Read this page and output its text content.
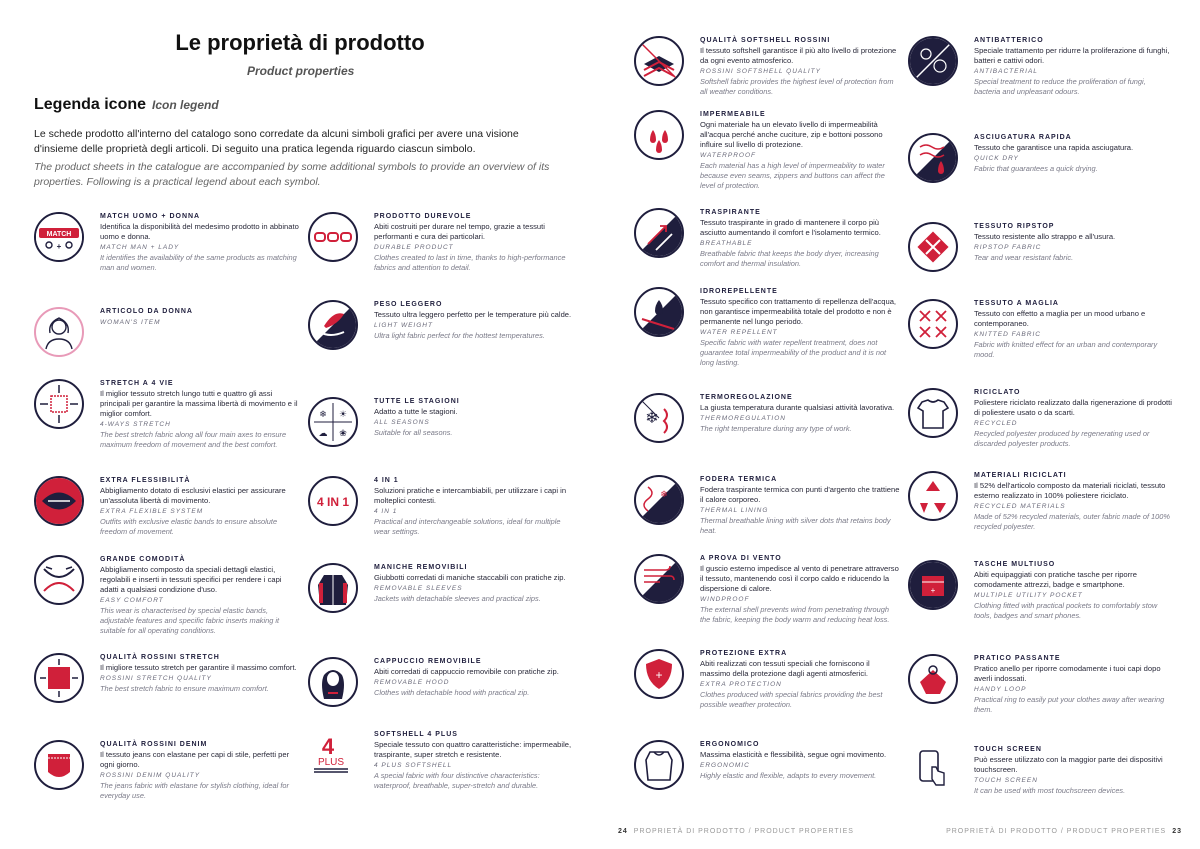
Le proprietà di prodotto
Product properties
Legenda icone Icon legend
Le schede prodotto all'interno del catalogo sono corredate da alcuni simboli grafici per avere una visione d'insieme delle proprietà degli articoli. Di seguito una pratica legenda riguardo ciascun simbolo.
The product sheets in the catalogue are accompanied by some additional symbols to provide an overview of its properties. Following is a practical legend about each symbol.
MATCH
+
MATCH UOMO + DONNA
Identifica la disponibilità del medesimo prodotto in abbinato uomo e donna.
MATCH MAN + LADY
It identifies the availability of the same products as matching man and women.
PRODOTTO DUREVOLE
Abiti costruiti per durare nel tempo, grazie a tessuti performanti e cura dei particolari.
DURABLE PRODUCT
Clothes created to last in time, thanks to high-performance fabrics and attention to detail.
ARTICOLO DA DONNA
WOMAN'S ITEM
PESO LEGGERO
Tessuto ultra leggero perfetto per le temperature più calde.
LIGHT WEIGHT
Ultra light fabric perfect for the hottest temperatures.
STRETCH A 4 VIE
Il miglior tessuto stretch lungo tutti e quattro gli assi principali per garantire la massima libertà di movimento e il miglior comfort.
4-WAYS STRETCH
The best stretch fabric along all four main axes to ensure maximum freedom of movement and the best comfort.
❄ ☀
☁ ❀
TUTTE LE STAGIONI
Adatto a tutte le stagioni.
ALL SEASONS
Suitable for all seasons.
EXTRA FLESSIBILITÀ
Abbigliamento dotato di esclusivi elastici per assicurare un'assoluta libertà di movimento.
EXTRA FLEXIBLE SYSTEM
Outfits with exclusive elastic bands to ensure absolute freedom of movement.
4 IN 1
4 IN 1
Soluzioni pratiche e intercambiabili, per utilizzare i capi in molteplici contesti.
4 IN 1
Practical and interchangeable solutions, ideal for multiple wear settings.
GRANDE COMODITÀ
Abbigliamento composto da speciali dettagli elastici, regolabili e inserti in tessuti specifici per rendere i capi adatti a qualsiasi condizione d'uso.
EASY COMFORT
This wear is characterised by special elastic bands, adjustable features and specific fabric inserts making it suitable for all operating conditions.
MANICHE REMOVIBILI
Giubbotti corredati di maniche staccabili con pratiche zip.
REMOVABLE SLEEVES
Jackets with detachable sleeves and practical zips.
QUALITÀ ROSSINI STRETCH
Il migliore tessuto stretch per garantire il massimo comfort.
ROSSINI STRETCH QUALITY
The best stretch fabric to ensure maximum comfort.
CAPPUCCIO REMOVIBILE
Abiti corredati di cappuccio removibile con pratiche zip.
REMOVABLE HOOD
Clothes with detachable hood with practical zip.
QUALITÀ ROSSINI DENIM
Il tessuto jeans con elastane per capi di stile, perfetti per ogni giorno.
ROSSINI DENIM QUALITY
The jeans fabric with elastane for stylish clothing, ideal for everyday use.
4
PLUS
SOFTSHELL 4 PLUS
Speciale tessuto con quattro caratteristiche: impermeabile, traspirante, super stretch e resistente.
4 PLUS SOFTSHELL
A special fabric with four distinctive characteristics: waterproof, breathable, super-stretch and durable.
QUALITÀ SOFTSHELL ROSSINI
Il tessuto softshell garantisce il più alto livello di protezione da ogni evento atmosferico.
ROSSINI SOFTSHELL QUALITY
Softshell fabric provides the highest level of protection from all weather conditions.
ANTIBATTERICO
Speciale trattamento per ridurre la proliferazione di funghi, batteri e cattivi odori.
ANTIBACTERIAL
Special treatment to reduce the proliferation of fungi, bacteria and unpleasant odours.
IMPERMEABILE
Ogni materiale ha un elevato livello di impermeabilità all'acqua perché anche cuciture, zip e bottoni possono influire sul livello di protezione.
WATERPROOF
Each material has a high level of impermeability to water because even seams, zippers and buttons can affect the level of protection.
ASCIUGATURA RAPIDA
Tessuto che garantisce una rapida asciugatura.
QUICK DRY
Fabric that guarantees a quick drying.
TRASPIRANTE
Tessuto traspirante in grado di mantenere il corpo più asciutto aumentando il comfort e l'isolamento termico.
BREATHABLE
Breathable fabric that keeps the body dryer, increasing comfort and thermal insulation.
TESSUTO RIPSTOP
Tessuto resistente allo strappo e all'usura.
RIPSTOP FABRIC
Tear and wear resistant fabric.
IDROREPELLENTE
Tessuto specifico con trattamento di repellenza dell'acqua, non garantisce impermeabilità totale del prodotto e non è permanente nel lungo periodo.
WATER REPELLENT
Specific fabric with water repellent treatment, does not guarantee total impermeability of the product and it is not long lasting.
TESSUTO A MAGLIA
Tessuto con effetto a maglia per un mood urbano e contemporaneo.
KNITTED FABRIC
Fabric with knitted effect for an urban and contemporary mood.
❄
TERMOREGOLAZIONE
La giusta temperatura durante qualsiasi attività lavorativa.
THERMOREGULATION
The right temperature during any type of work.
RICICLATO
Poliestere riciclato realizzato dalla rigenerazione di prodotti di poliestere usato o da scarti.
RECYCLED
Recycled polyester produced by regenerating used or discarded polyester products.
❄
FODERA TERMICA
Fodera traspirante termica con punti d'argento che trattiene il calore corporeo.
THERMAL LINING
Thermal breathable lining with silver dots that retains body heat.
MATERIALI RICICLATI
Il 52% dell'articolo composto da materiali riciclati, tessuto esterno realizzato in 100% poliestere riciclato.
RECYCLED MATERIALS
Made of 52% recycled materials, outer fabric made of 100% recycled polyester.
A PROVA DI VENTO
Il guscio esterno impedisce al vento di penetrare attraverso il tessuto, mantenendo così il corpo caldo e riducendo la dispersione di calore.
WINDPROOF
The external shell prevents wind from penetrating through the fabric, keeping the body warm and reducing heat loss.
+
TASCHE MULTIUSO
Abiti equipaggiati con pratiche tasche per riporre comodamente attrezzi, badge e smartphone.
MULTIPLE UTILITY POCKET
Clothing fitted with practical pockets to comfortably stow tools, badges and smart phones.
+
PROTEZIONE EXTRA
Abiti realizzati con tessuti speciali che forniscono il massimo della protezione dagli agenti atmosferici.
EXTRA PROTECTION
Clothes produced with special fabrics providing the best possible weather protection.
PRATICO PASSANTE
Pratico anello per riporre comodamente i tuoi capi dopo averli indossati.
HANDY LOOP
Practical ring to easily put your clothes away after wearing them.
ERGONOMICO
Massima elasticità e flessibilità, segue ogni movimento.
ERGONOMIC
Highly elastic and flexible, adapts to every movement.
TOUCH SCREEN
Può essere utilizzato con la maggior parte dei dispositivi touchscreen.
TOUCH SCREEN
It can be used with most touchscreen devices.
PROPRIETÀ DI PRODOTTO / PRODUCT PROPERTIES 23
24 PROPRIETÀ DI PRODOTTO / PRODUCT PROPERTIES
